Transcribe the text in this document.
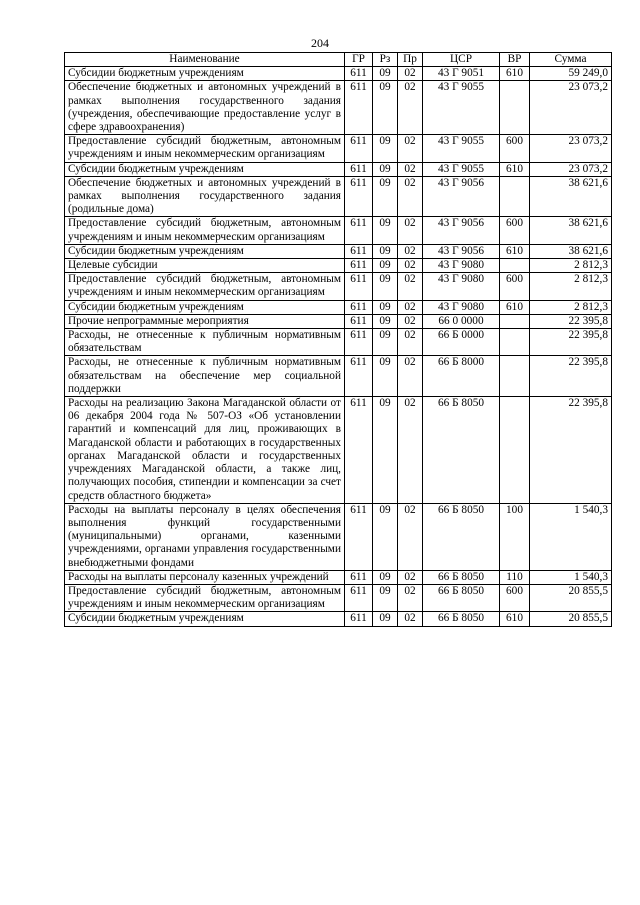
204
Наименование	ГР	Рз	Пр	ЦСР	ВР	Сумма
Субсидии бюджетным учреждениям	611	09	02	43 Г 9051	610	59 249,0
Обеспечение бюджетных и автономных учреждений в рамках выполнения государственного задания (учреждения, обеспечивающие предоставление услуг в сфере здравоохранения)	611	09	02	43 Г 9055		23 073,2
Предоставление субсидий бюджетным, автономным учреждениям и иным некоммерческим организациям	611	09	02	43 Г 9055	600	23 073,2
Субсидии бюджетным учреждениям	611	09	02	43 Г 9055	610	23 073,2
Обеспечение бюджетных и автономных учреждений в рамках выполнения государственного задания (родильные дома)	611	09	02	43 Г 9056		38 621,6
Предоставление субсидий бюджетным, автономным учреждениям и иным некоммерческим организациям	611	09	02	43 Г 9056	600	38 621,6
Субсидии бюджетным учреждениям	611	09	02	43 Г 9056	610	38 621,6
Целевые субсидии	611	09	02	43 Г 9080		2 812,3
Предоставление субсидий бюджетным, автономным учреждениям и иным некоммерческим организациям	611	09	02	43 Г 9080	600	2 812,3
Субсидии бюджетным учреждениям	611	09	02	43 Г 9080	610	2 812,3
Прочие непрограммные мероприятия	611	09	02	66 0 0000		22 395,8
Расходы, не отнесенные к публичным нормативным обязательствам	611	09	02	66 Б 0000		22 395,8
Расходы, не отнесенные к публичным нормативным обязательствам на обеспечение мер социальной поддержки	611	09	02	66 Б 8000		22 395,8
Расходы на реализацию Закона Магаданской области от 06 декабря 2004 года № 507-ОЗ «Об установлении гарантий и компенсаций для лиц, проживающих в Магаданской области и работающих в государственных органах Магаданской области и государственных учреждениях Магаданской области, а также лиц, получающих пособия, стипендии и компенсации за счет средств областного бюджета»	611	09	02	66 Б 8050		22 395,8
Расходы на выплаты персоналу в целях обеспечения выполнения функций государственными (муниципальными) органами, казенными учреждениями, органами управления государственными внебюджетными фондами	611	09	02	66 Б 8050	100	1 540,3
Расходы на выплаты персоналу казенных учреждений	611	09	02	66 Б 8050	110	1 540,3
Предоставление субсидий бюджетным, автономным учреждениям и иным некоммерческим организациям	611	09	02	66 Б 8050	600	20 855,5
Субсидии бюджетным учреждениям	611	09	02	66 Б 8050	610	20 855,5
